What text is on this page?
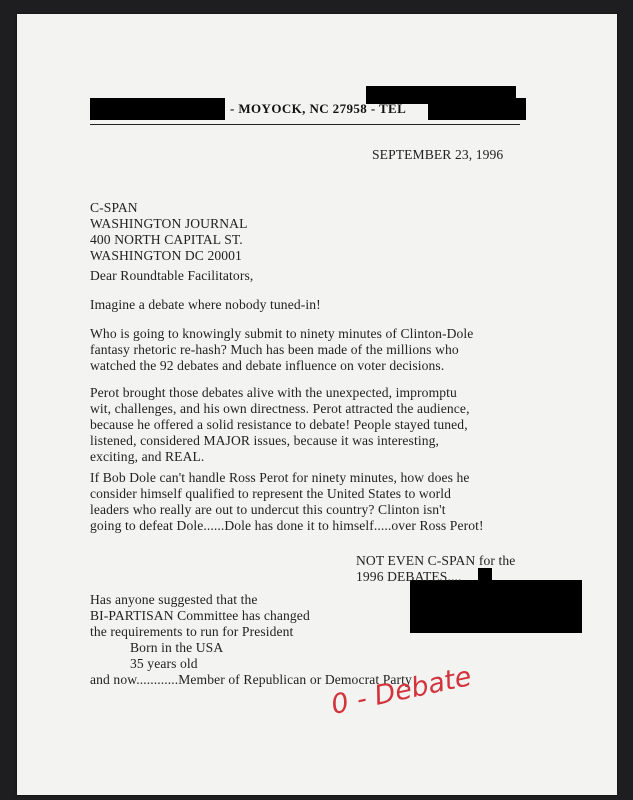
- MOYOCK, NC 27958 - TEL
SEPTEMBER 23, 1996
C-SPAN
WASHINGTON JOURNAL
400 NORTH CAPITAL ST.
WASHINGTON DC 20001
Dear Roundtable Facilitators,
Imagine a debate where nobody tuned-in!
Who is going to knowingly submit to ninety minutes of Clinton-Dole
fantasy rhetoric re-hash? Much has been made of the millions who
watched the 92 debates and debate influence on voter decisions.
Perot brought those debates alive with the unexpected, impromptu
wit, challenges, and his own directness. Perot attracted the audience,
because he offered a solid resistance to debate! People stayed tuned,
listened, considered MAJOR issues, because it was interesting,
exciting, and REAL.
If Bob Dole can't handle Ross Perot for ninety minutes, how does he
consider himself qualified to represent the United States to world
leaders who really are out to undercut this country? Clinton isn't
going to defeat Dole......Dole has done it to himself.....over Ross Perot!
NOT EVEN C-SPAN for the
1996 DEBATES....
Has anyone suggested that the
BI-PARTISAN Committee has changed
the requirements to run for President
Born in the USA
35 years old
and now............Member of Republican or Democrat Party
0 - Debate
